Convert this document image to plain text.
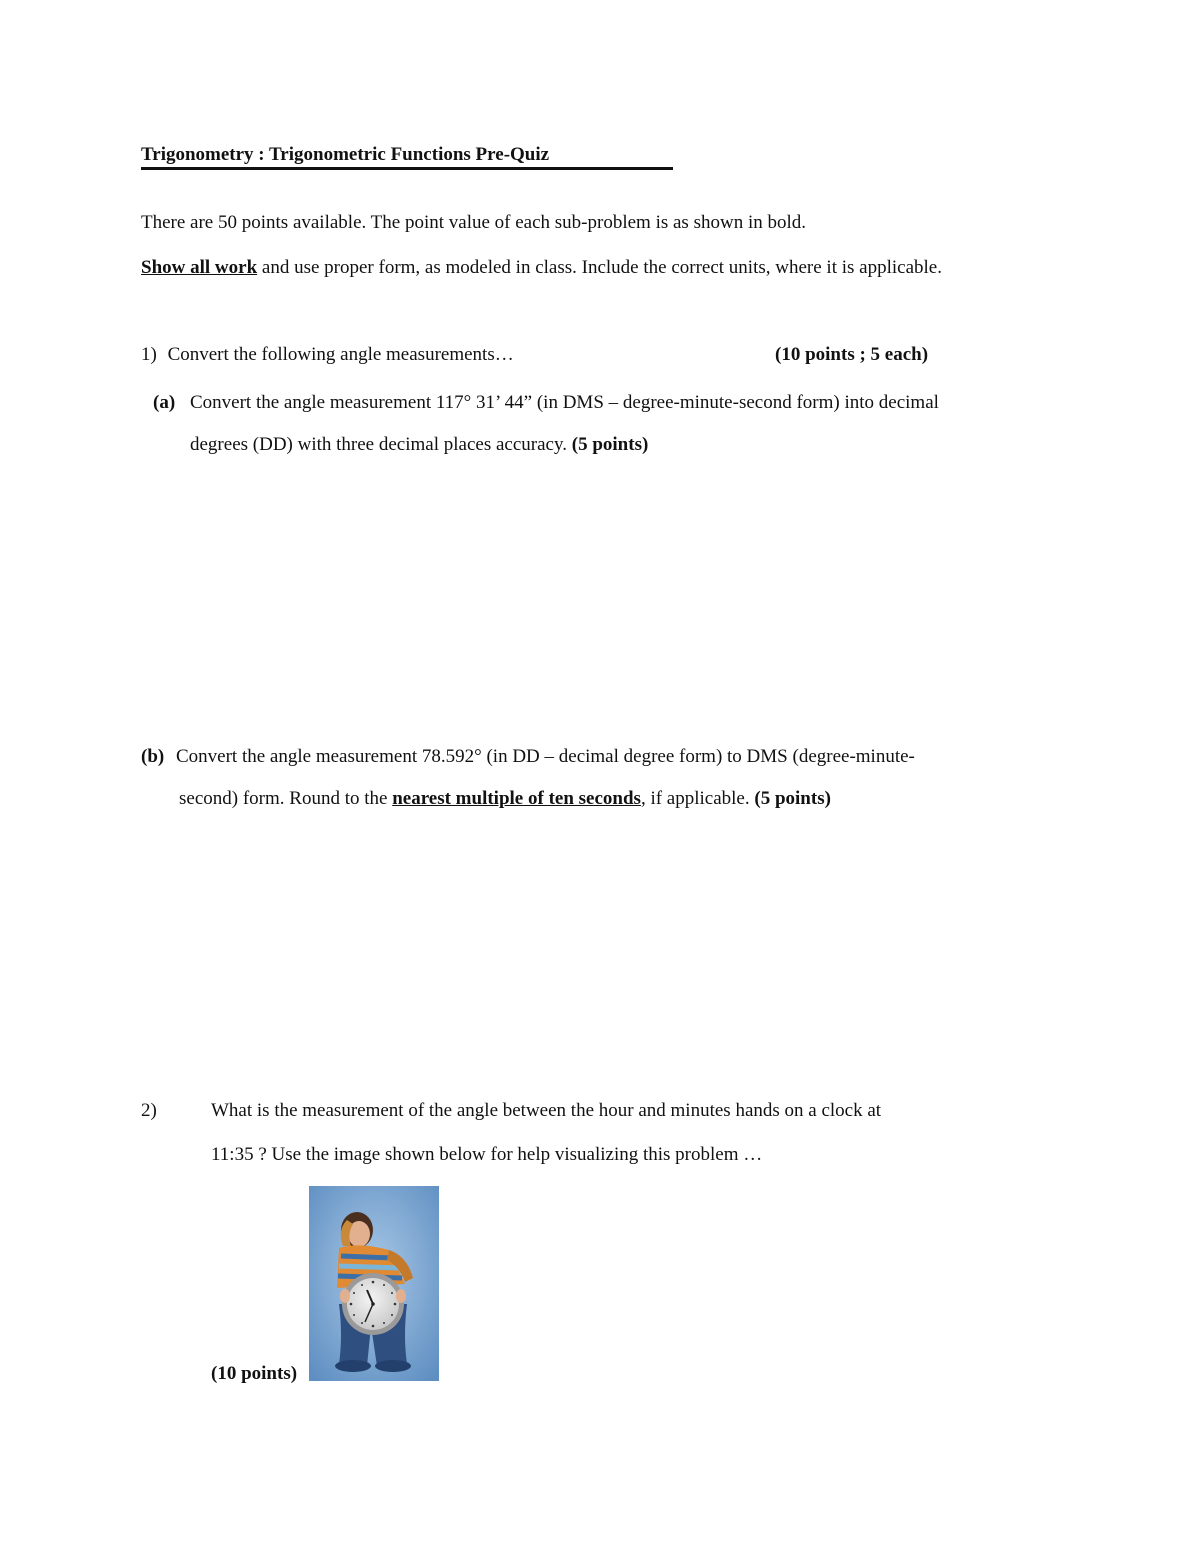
Trigonometry : Trigonometric Functions Pre-Quiz
There are 50 points available. The point value of each sub-problem is as shown in bold.
Show all work and use proper form, as modeled in class. Include the correct units, where it is applicable.
1) Convert the following angle measurements…	(10 points ; 5 each)
(a) Convert the angle measurement 117° 31’ 44” (in DMS – degree-minute-second form) into decimal
degrees (DD) with three decimal places accuracy. (5 points)
(b) Convert the angle measurement 78.592° (in DD – decimal degree form) to DMS (degree-minute-
second) form. Round to the nearest multiple of ten seconds, if applicable. (5 points)
2)	What is the measurement of the angle between the hour and minutes hands on a clock at
11:35 ? Use the image shown below for help visualizing this problem …
(10 points)
